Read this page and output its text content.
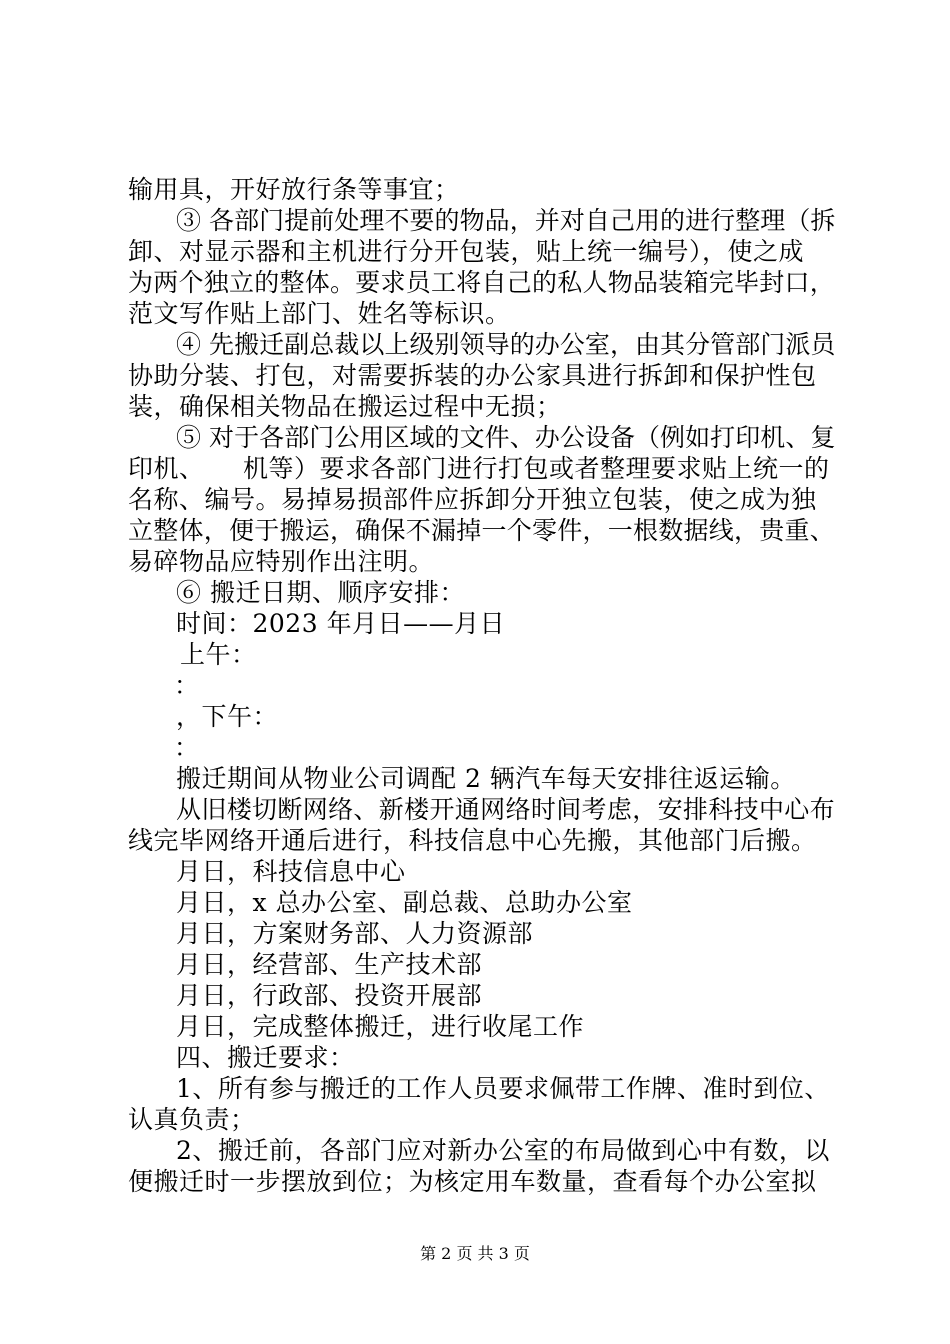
输用具，开好放行条等事宜；
③ 各部门提前处理不要的物品，并对自己用的进行整理（拆
卸、对显示器和主机进行分开包装，贴上统一编号），使之成
为两个独立的整体。要求员工将自己的私人物品装箱完毕封口，
范文写作贴上部门、姓名等标识。
④ 先搬迁副总裁以上级别领导的办公室，由其分管部门派员
协助分装、打包，对需要拆装的办公家具进行拆卸和保护性包
装，确保相关物品在搬运过程中无损；
⑤ 对于各部门公用区域的文件、办公设备（例如打印机、复
印机、　　机等）要求各部门进行打包或者整理要求贴上统一的
名称、编号。易掉易损部件应拆卸分开独立包装，使之成为独
立整体，便于搬运，确保不漏掉一个零件，一根数据线，贵重、
易碎物品应特别作出注明。
⑥ 搬迁日期、顺序安排：
时间：2023 年月日——月日
上午：
：
，下午：
：
搬迁期间从物业公司调配 2 辆汽车每天安排往返运输。
从旧楼切断网络、新楼开通网络时间考虑，安排科技中心布
线完毕网络开通后进行，科技信息中心先搬，其他部门后搬。
月日，科技信息中心
月日，x 总办公室、副总裁、总助办公室
月日，方案财务部、人力资源部
月日，经营部、生产技术部
月日，行政部、投资开展部
月日，完成整体搬迁，进行收尾工作
四、搬迁要求：
1、所有参与搬迁的工作人员要求佩带工作牌、准时到位、
认真负责；
2、搬迁前，各部门应对新办公室的布局做到心中有数，以
便搬迁时一步摆放到位；为核定用车数量，查看每个办公室拟
第 2 页 共 3 页
